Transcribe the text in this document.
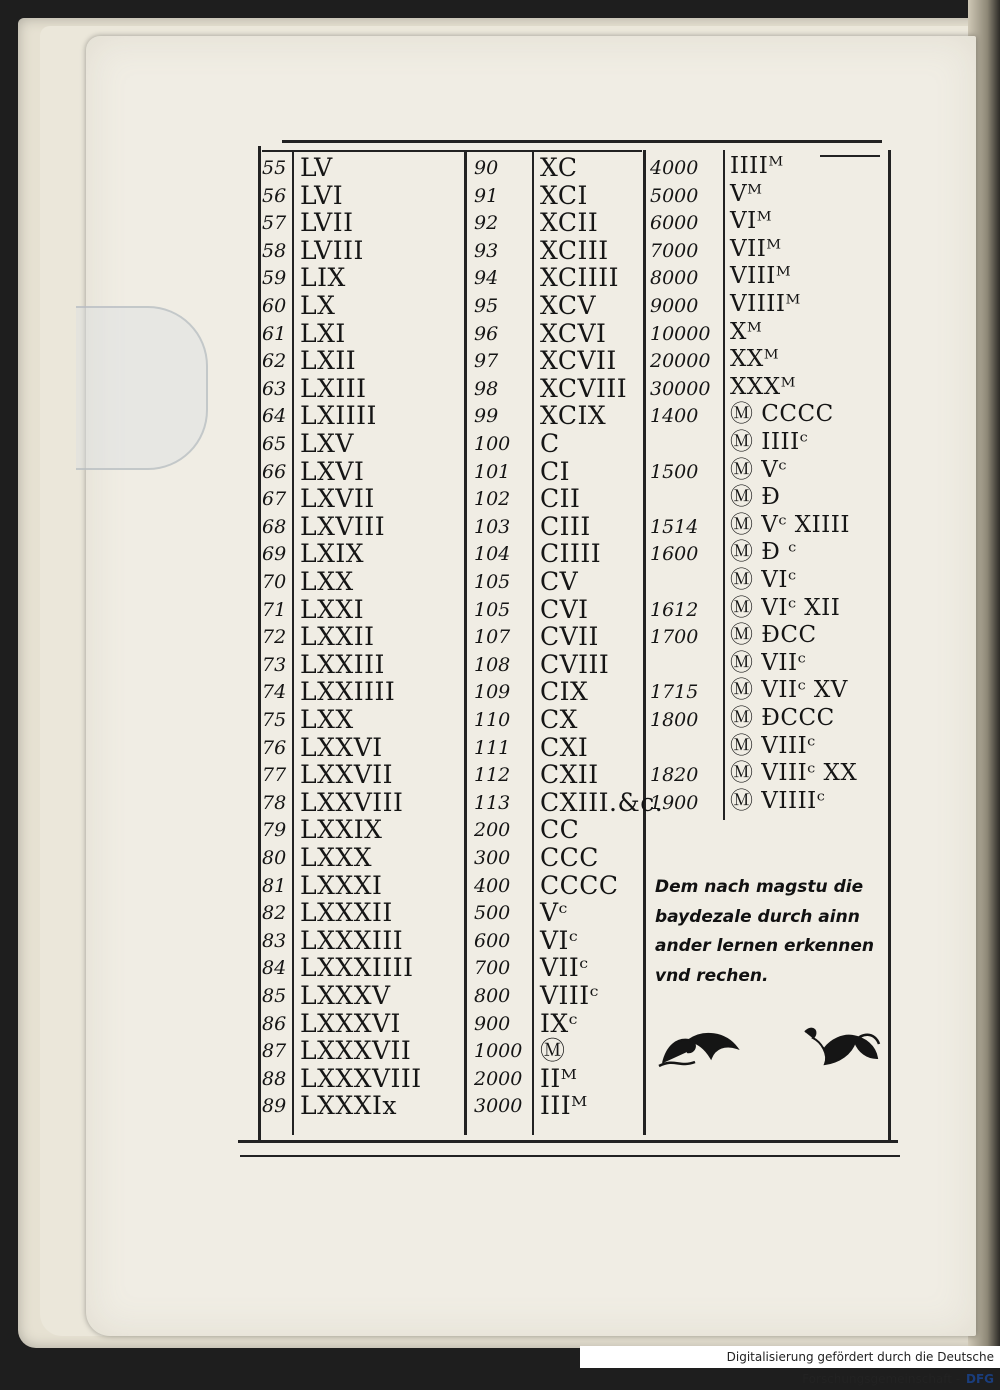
55 LV
56 LVI
57 LVII
58 LVIII
59 LIX
60 LX
61 LXI
62 LXII
63 LXIII
64 LXIIII
65 LXV
66 LXVI
67 LXVII
68 LXVIII
69 LXIX
70 LXX
71 LXXI
72 LXXII
73 LXXIII
74 LXXIIII
75 LXX
76 LXXVI
77 LXXVII
78 LXXVIII
79 LXXIX
80 LXXX
81 LXXXI
82 LXXXII
83 LXXXIII
84 LXXXIIII
85 LXXXV
86 LXXXVI
87 LXXXVII
88 LXXXVIII
89 LXXXIx
90 XC
91 XCI
92 XCII
93 XCIII
94 XCIIII
95 XCV
96 XCVI
97 XCVII
98 XCVIII
99 XCIX
100 C
101 CI
102 CII
103 CIII
104 CIIII
105 CV
105 CVI
107 CVII
108 CVIII
109 CIX
110 CX
111 CXI
112 CXII
113 CXIII.&c.
200 CC
300 CCC
400 CCCC
500 Vᶜ
600 VIᶜ
700 VIIᶜ
800 VIIIᶜ
900 IXᶜ
1000 Ⓜ
2000 IIᴹ
3000 IIIᴹ
4000 IIIIᴹ
5000 Vᴹ
6000 VIᴹ
7000 VIIᴹ
8000 VIIIᴹ
9000 VIIIIᴹ
10000 Xᴹ
20000 XXᴹ
30000 XXXᴹ
1400 Ⓜ CCCC
Ⓜ IIIIᶜ
1500 Ⓜ Vᶜ
Ⓜ Ð
1514 Ⓜ Vᶜ XIIII
1600 Ⓜ Ð ᶜ
Ⓜ VIᶜ
1612 Ⓜ VIᶜ XII
1700 Ⓜ ÐCC
Ⓜ VIIᶜ
1715 Ⓜ VIIᶜ XV
1800 Ⓜ ÐCCC
Ⓜ VIIIᶜ
1820 Ⓜ VIIIᶜ XX
1900 Ⓜ VIIIIᶜ
Dem nach magstu die
baydezale durch ainn
ander lernen erkennen
vnd rechen.
Digitalisierung gefördert durch die Deutsche Forschungsgemeinschaft - DFG
